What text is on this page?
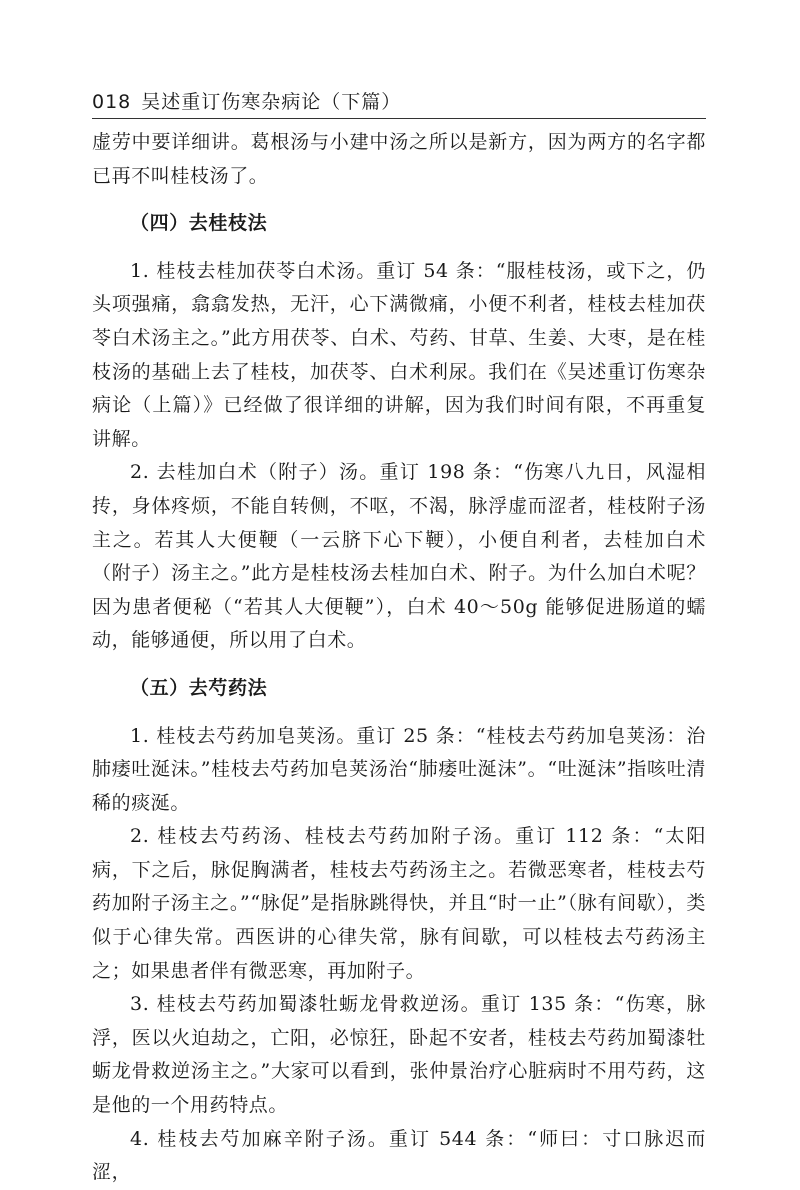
018 吴述重订伤寒杂病论（下篇）

虚劳中要详细讲。葛根汤与小建中汤之所以是新方，因为两方的名字都已再不叫桂枝汤了。

（四）去桂枝法

1. 桂枝去桂加茯苓白术汤。重订 54 条：“服桂枝汤，或下之，仍头项强痛，翕翕发热，无汗，心下满微痛，小便不利者，桂枝去桂加茯苓白术汤主之。”此方用茯苓、白术、芍药、甘草、生姜、大枣，是在桂枝汤的基础上去了桂枝，加茯苓、白术利尿。我们在《吴述重订伤寒杂病论（上篇）》已经做了很详细的讲解，因为我们时间有限，不再重复讲解。

2. 去桂加白术（附子）汤。重订 198 条：“伤寒八九日，风湿相抟，身体疼烦，不能自转侧，不呕，不渴，脉浮虚而涩者，桂枝附子汤主之。若其人大便鞕（一云脐下心下鞕），小便自利者，去桂加白术（附子）汤主之。”此方是桂枝汤去桂加白术、附子。为什么加白术呢？因为患者便秘（“若其人大便鞕”），白术 40～50g 能够促进肠道的蠕动，能够通便，所以用了白术。

（五）去芍药法

1. 桂枝去芍药加皂荚汤。重订 25 条：“桂枝去芍药加皂荚汤：治肺痿吐涎沫。”桂枝去芍药加皂荚汤治“肺痿吐涎沫”。“吐涎沫”指咳吐清稀的痰涎。

2. 桂枝去芍药汤、桂枝去芍药加附子汤。重订 112 条：“太阳病，下之后，脉促胸满者，桂枝去芍药汤主之。若微恶寒者，桂枝去芍药加附子汤主之。”“脉促”是指脉跳得快，并且“时一止”（脉有间歇），类似于心律失常。西医讲的心律失常，脉有间歇，可以桂枝去芍药汤主之；如果患者伴有微恶寒，再加附子。

3. 桂枝去芍药加蜀漆牡蛎龙骨救逆汤。重订 135 条：“伤寒，脉浮，医以火迫劫之，亡阳，必惊狂，卧起不安者，桂枝去芍药加蜀漆牡蛎龙骨救逆汤主之。”大家可以看到，张仲景治疗心脏病时不用芍药，这是他的一个用药特点。

4. 桂枝去芍加麻辛附子汤。重订 544 条：“师曰：寸口脉迟而涩，
